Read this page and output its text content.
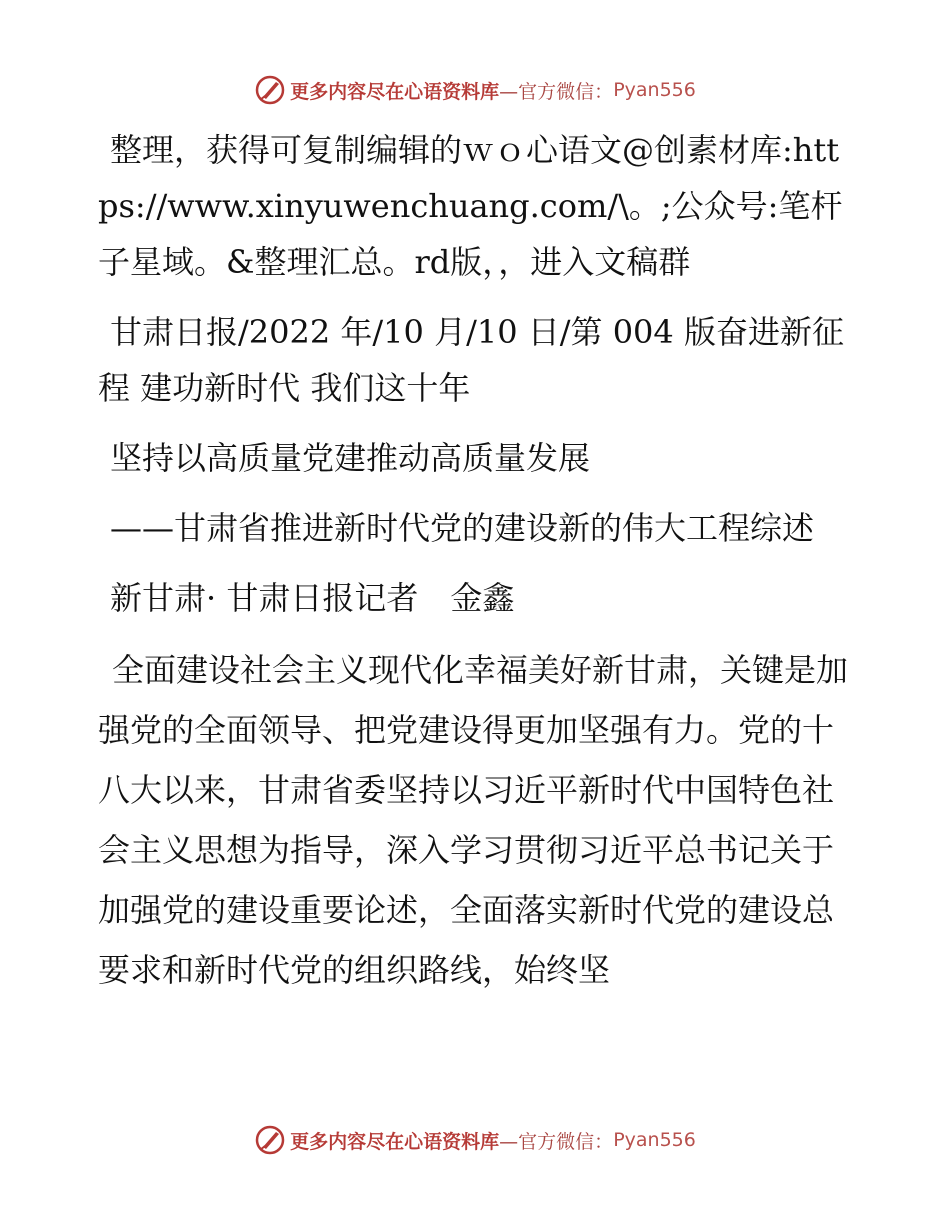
更多内容尽在心语资料库 —官方微信： Pyan556

整理，获得可复制编辑的ｗｏ心语文@创素材库:https://www.xinyuwenchuang.com/\。;公众号:笔杆子星域。&整理汇总。rd版，，进入文稿群

甘肃日报/2022 年/10 月/10 日/第 004 版奋进新征程 建功新时代 我们这十年

坚持以高质量党建推动高质量发展

——甘肃省推进新时代党的建设新的伟大工程综述

新甘肃· 甘肃日报记者　金鑫

全面建设社会主义现代化幸福美好新甘肃，关键是加强党的全面领导、把党建设得更加坚强有力。党的十八大以来，甘肃省委坚持以习近平新时代中国特色社会主义思想为指导，深入学习贯彻习近平总书记关于加强党的建设重要论述，全面落实新时代党的建设总要求和新时代党的组织路线，始终坚

更多内容尽在心语资料库 —官方微信： Pyan556
